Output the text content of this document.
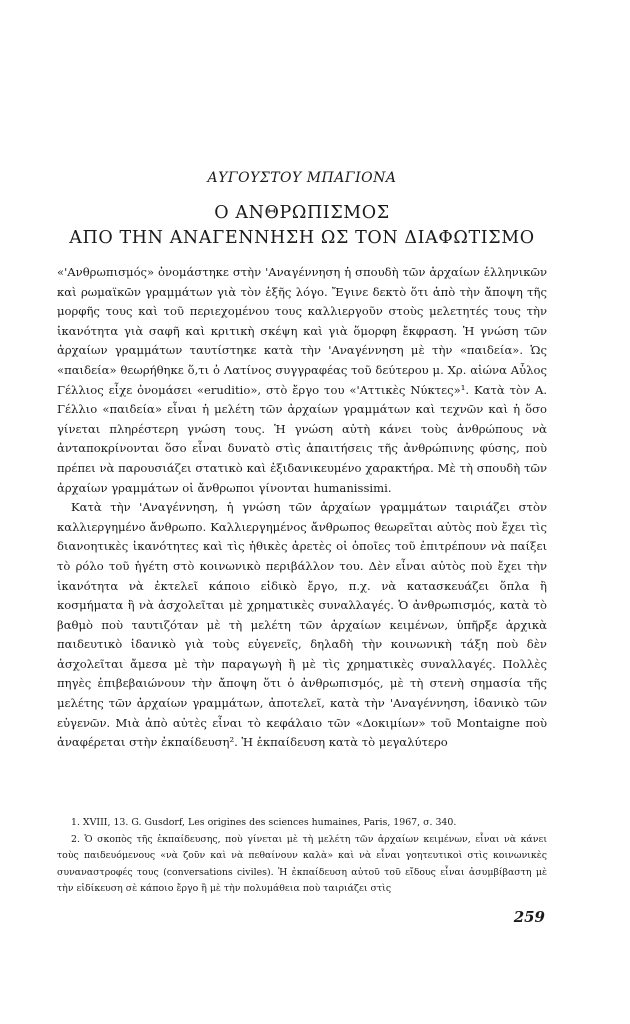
ΑΥΓΟΥΣΤΟΥ ΜΠΑΓΙΟΝΑ
Ο ΑΝΘΡΩΠΙΣΜΟΣ
ΑΠΟ ΤΗΝ ΑΝΑΓΕΝΝΗΣΗ ΩΣ ΤΟΝ ΔΙΑΦΩΤΙΣΜΟ

«'Ανθρωπισμός» ὀνομάστηκε στὴν 'Αναγέννηση ἡ σπουδὴ τῶν ἀρχαίων ἑλληνικῶν καὶ ρωμαϊκῶν γραμμάτων γιὰ τὸν ἑξῆς λόγο. Ἔγινε δεκτὸ ὅτι ἀπὸ τὴν ἄποψη τῆς μορφῆς τους καὶ τοῦ περιεχομένου τους καλλιεργοῦν στοὺς μελετητές τους τὴν ἱκανότητα γιὰ σαφῆ καὶ κριτικὴ σκέψη καὶ γιὰ ὅμορφη ἔκφραση. Ἡ γνώση τῶν ἀρχαίων γραμμάτων ταυτίστηκε κατὰ τὴν 'Αναγέννηση μὲ τὴν «παιδεία». Ὡς «παιδεία» θεωρήθηκε ὅ,τι ὁ Λατίνος συγγραφέας τοῦ δεύτερου μ. Χρ. αἰώνα Αὖλος Γέλλιος εἶχε ὀνομάσει «eruditio», στὸ ἔργο του «'Αττικὲς Νύκτες»¹. Κατὰ τὸν Α. Γέλλιο «παιδεία» εἶναι ἡ μελέτη τῶν ἀρχαίων γραμμάτων καὶ τεχνῶν καὶ ἡ ὅσο γίνεται πληρέστερη γνώση τους. Ἡ γνώση αὐτὴ κάνει τοὺς ἀνθρώπους νὰ ἀνταποκρίνονται ὅσο εἶναι δυνατὸ στὶς ἀπαιτήσεις τῆς ἀνθρώπινης φύσης, ποὺ πρέπει νὰ παρουσιάζει στατικὸ καὶ ἐξιδανικευμένο χαρακτήρα. Μὲ τὴ σπουδὴ τῶν ἀρχαίων γραμμάτων οἱ ἄνθρωποι γίνονται humanissimi.

Κατὰ τὴν 'Αναγέννηση, ἡ γνώση τῶν ἀρχαίων γραμμάτων ταιριάζει στὸν καλλιεργημένο ἄνθρωπο. Καλλιεργημένος ἄνθρωπος θεωρεῖται αὐτὸς ποὺ ἔχει τὶς διανοητικὲς ἱκανότητες καὶ τὶς ἠθικὲς ἀρετὲς οἱ ὁποῖες τοῦ ἐπιτρέπουν νὰ παίξει τὸ ρόλο τοῦ ἡγέτη στὸ κοινωνικὸ περιβάλλον του. Δὲν εἶναι αὐτὸς ποὺ ἔχει τὴν ἱκανότητα νὰ ἐκτελεῖ κάποιο εἰδικὸ ἔργο, π.χ. νὰ κατασκευάζει ὅπλα ἢ κοσμήματα ἢ νὰ ἀσχολεῖται μὲ χρηματικὲς συναλλαγές. Ὁ ἀνθρωπισμός, κατὰ τὸ βαθμὸ ποὺ ταυτιζόταν μὲ τὴ μελέτη τῶν ἀρχαίων κειμένων, ὑπῆρξε ἀρχικὰ παιδευτικὸ ἰδανικὸ γιὰ τοὺς εὐγενεῖς, δηλαδὴ τὴν κοινωνικὴ τάξη ποὺ δὲν ἀσχολεῖται ἄμεσα μὲ τὴν παραγωγὴ ἢ μὲ τὶς χρηματικὲς συναλλαγές. Πολλὲς πηγὲς ἐπιβεβαιώνουν τὴν ἄποψη ὅτι ὁ ἀνθρωπισμός, μὲ τὴ στενὴ σημασία τῆς μελέτης τῶν ἀρχαίων γραμμάτων, ἀποτελεῖ, κατὰ τὴν 'Αναγέννηση, ἰδανικὸ τῶν εὐγενῶν. Μιὰ ἀπὸ αὐτὲς εἶναι τὸ κεφάλαιο τῶν «Δοκιμίων» τοῦ Montaigne ποὺ ἀναφέρεται στὴν ἐκπαίδευση². Ἡ ἐκπαίδευση κατὰ τὸ μεγαλύτερο

1. XVIII, 13. G. Gusdorf, Les origines des sciences humaines, Paris, 1967, σ. 340.

2. Ὁ σκοπὸς τῆς ἐκπαίδευσης, ποὺ γίνεται μὲ τὴ μελέτη τῶν ἀρχαίων κειμένων, εἶναι νὰ κάνει τοὺς παιδευόμενους «νὰ ζοῦν καὶ νὰ πεθαίνουν καλὰ» καὶ νὰ εἶναι γοητευτικοὶ στὶς κοινωνικὲς συναναστροφές τους (conversations civiles). Ἡ ἐκπαίδευση αὐτοῦ τοῦ εἴδους εἶναι ἀσυμβίβαστη μὲ τὴν εἰδίκευση σὲ κάποιο ἔργο ἢ μὲ τὴν πολυμάθεια ποὺ ταιριάζει στὶς

259
